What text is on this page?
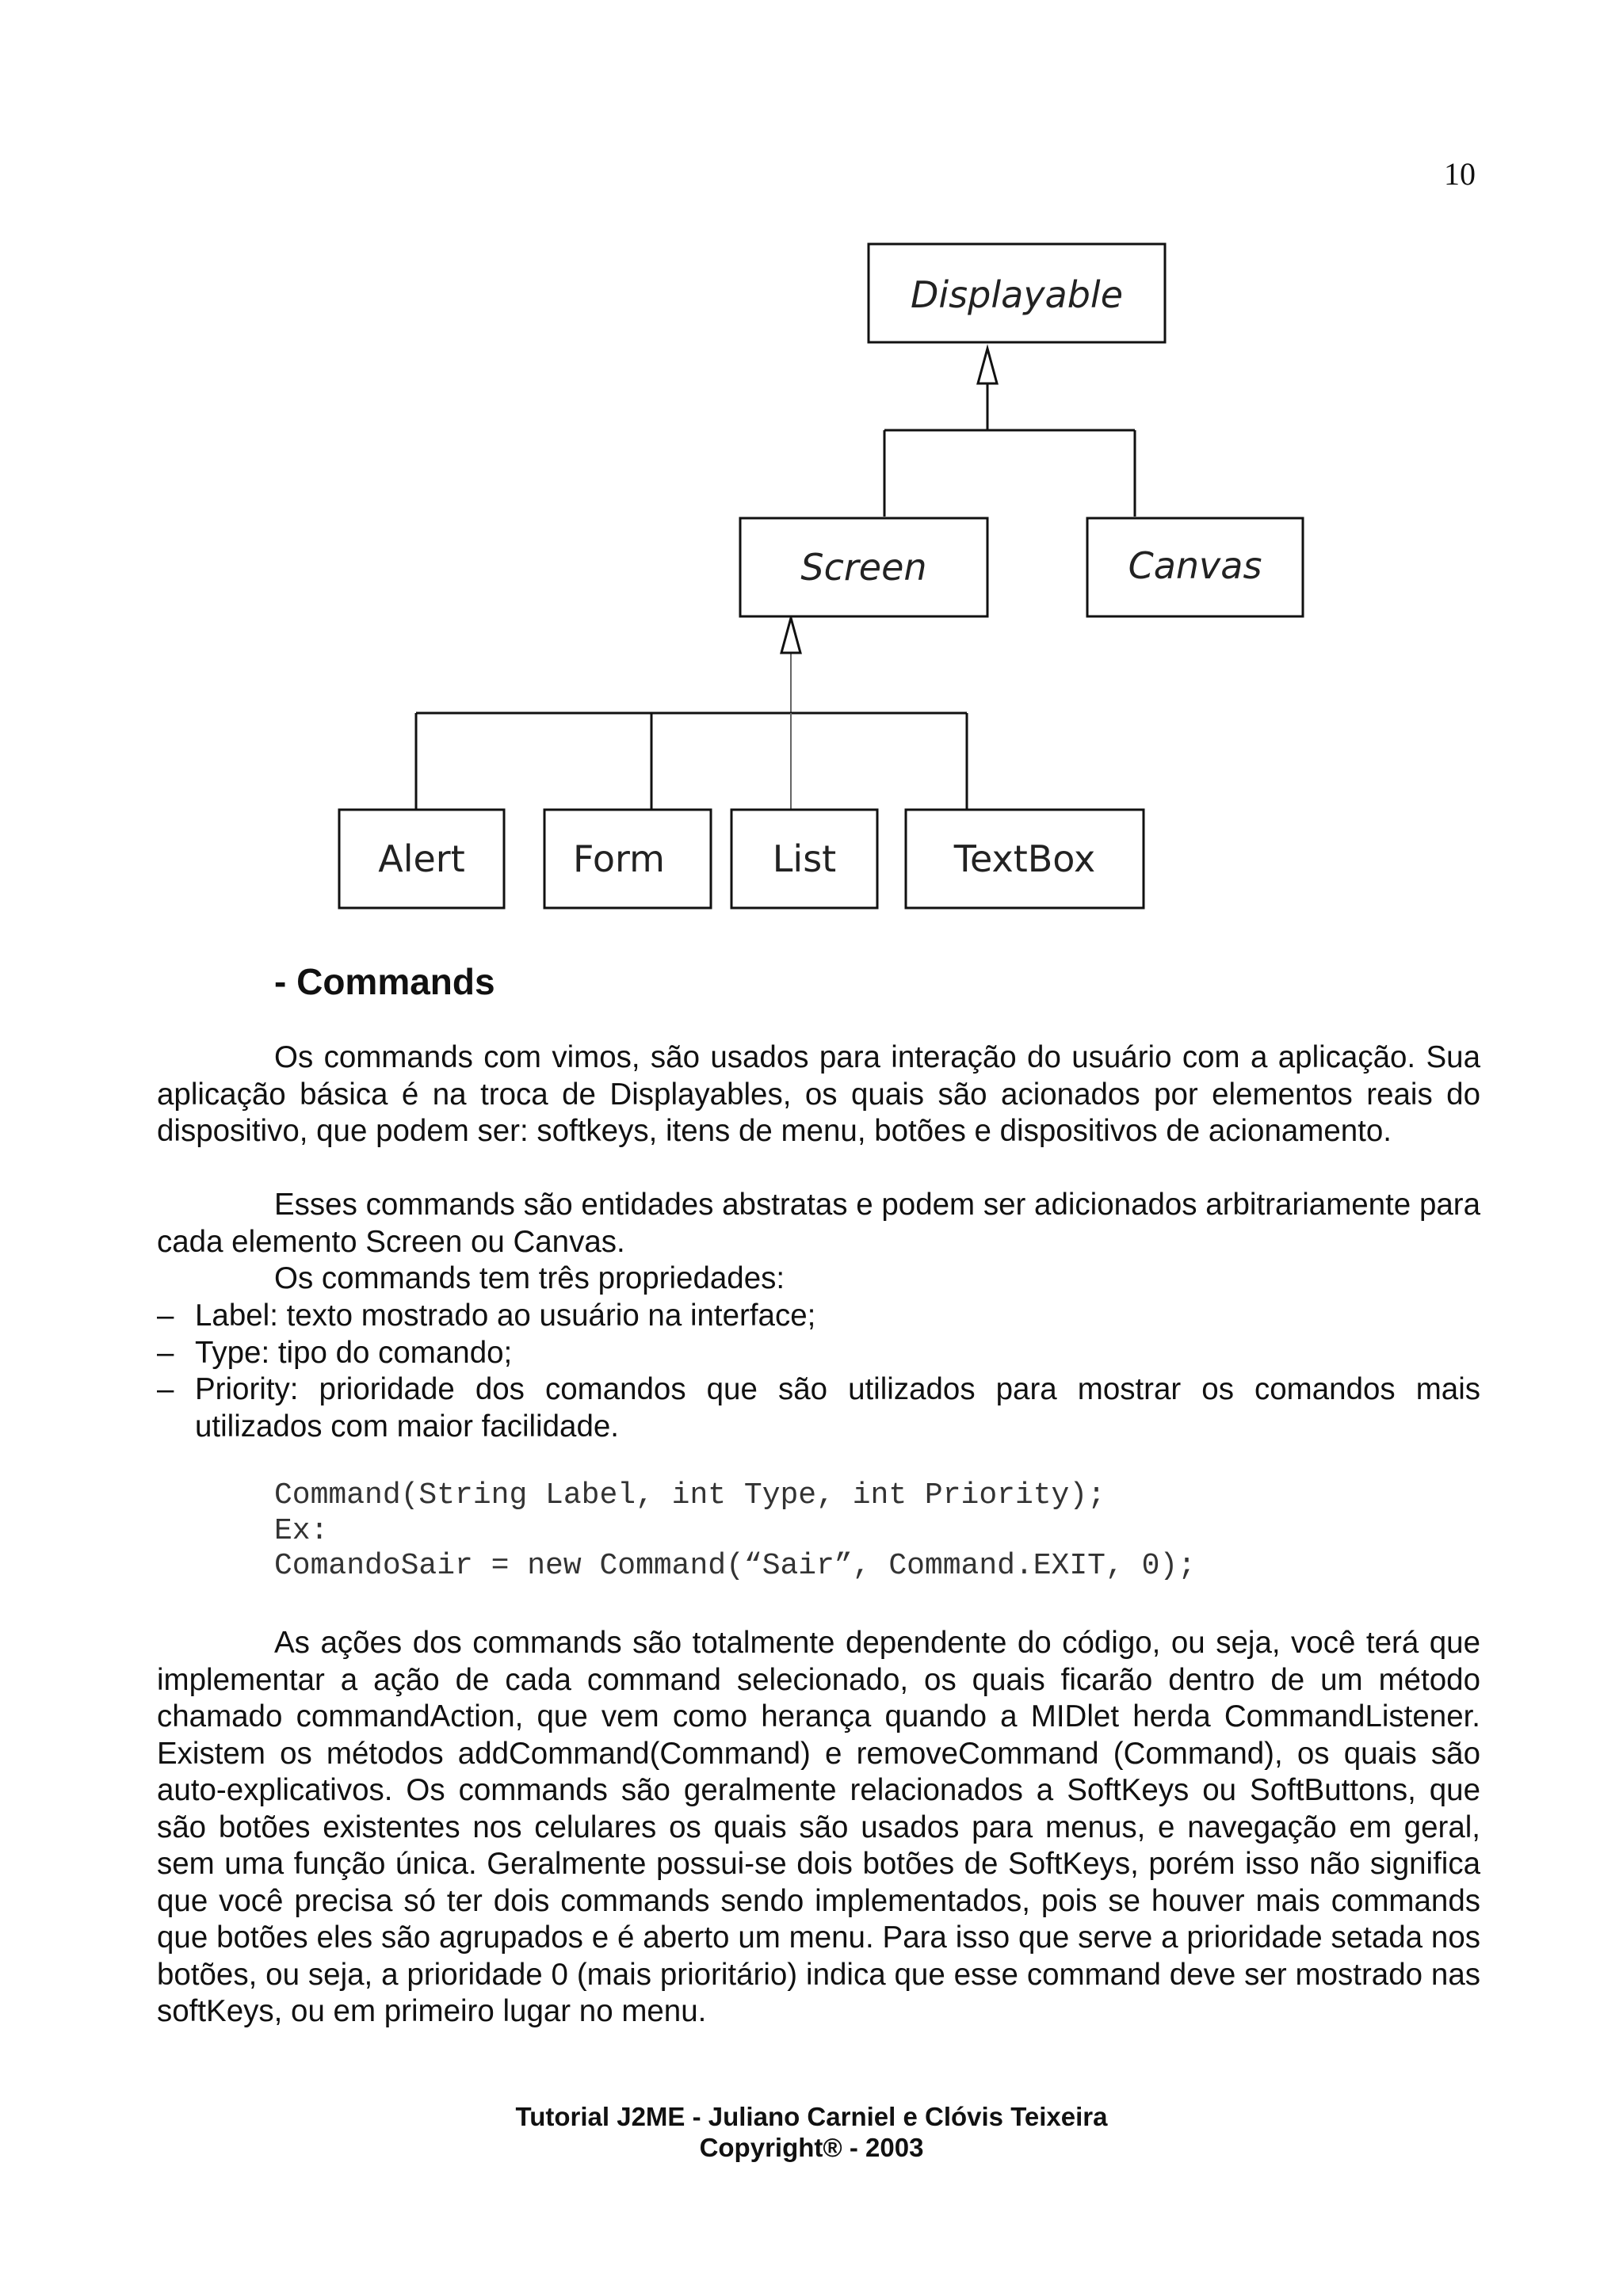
10
Displayable
Screen	Canvas
Alert	Form	List	TextBox
- Commands

Os commands com vimos, são usados para interação do usuário com a aplicação. Sua aplicação básica é na troca de Displayables, os quais são acionados por elementos reais do dispositivo, que podem ser: softkeys, itens de menu, botões e dispositivos de acionamento.

Esses commands são entidades abstratas e podem ser adicionados arbitrariamente para cada elemento Screen ou Canvas.

Os commands tem três propriedades:

– Label: texto mostrado ao usuário na interface;
– Type: tipo do comando;
– Priority: prioridade dos comandos que são utilizados para mostrar os comandos mais utilizados com maior facilidade.
Command(String Label, int Type, int Priority);
Ex:
ComandoSair = new Command(“Sair”, Command.EXIT, 0);

As ações dos commands são totalmente dependente do código, ou seja, você terá que implementar a ação de cada command selecionado, os quais ficarão dentro de um método chamado commandAction, que vem como herança quando a MIDlet herda CommandListener. Existem os métodos addCommand(Command) e removeCommand (Command), os quais são auto-explicativos. Os commands são geralmente relacionados a SoftKeys ou SoftButtons, que são botões existentes nos celulares os quais são usados para menus, e navegação em geral, sem uma função única. Geralmente possui-se dois botões de SoftKeys, porém isso não significa que você precisa só ter dois commands sendo implementados, pois se houver mais commands que botões eles são agrupados e é aberto um menu. Para isso que serve a prioridade setada nos botões, ou seja, a prioridade 0 (mais prioritário) indica que esse command deve ser mostrado nas softKeys, ou em primeiro lugar no menu.

Tutorial J2ME - Juliano Carniel e Clóvis Teixeira
Copyright® - 2003
